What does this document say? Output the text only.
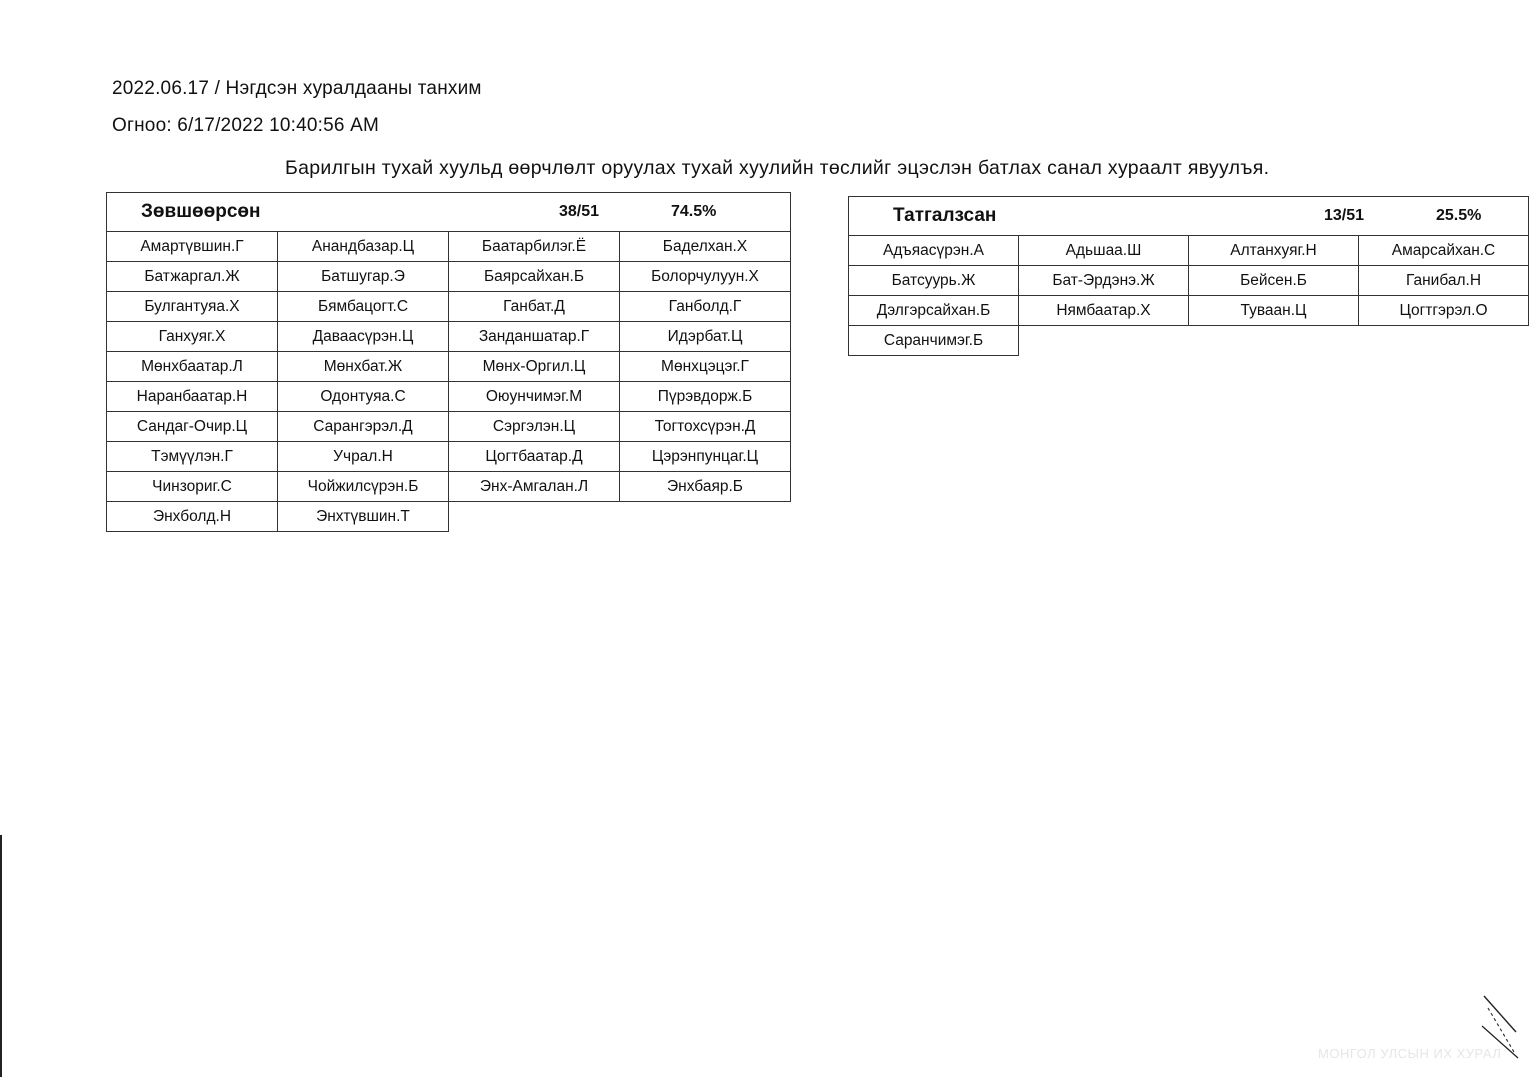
2022.06.17 / Нэгдсэн хуралдааны танхим
Огноо: 6/17/2022 10:40:56 AM
Барилгын тухай хуульд өөрчлөлт оруулах тухай хуулийн төслийг эцэслэн батлах санал хураалт явуулъя.
Зөвшөөрсөн 38/51 74.5%			

Амартүвшин.Г	Анандбазар.Ц	Баатарбилэг.Ё	Баделхан.Х
Батжаргал.Ж	Батшугар.Э	Баярсайхан.Б	Болорчулуун.Х
Булгантуяа.Х	Бямбацогт.С	Ганбат.Д	Ганболд.Г
Ганхуяг.Х	Даваасүрэн.Ц	Занданшатар.Г	Идэрбат.Ц
Мөнхбаатар.Л	Мөнхбат.Ж	Мөнх-Оргил.Ц	Мөнхцэцэг.Г
Наранбаатар.Н	Одонтуяа.С	Оюунчимэг.М	Пүрэвдорж.Б
Сандаг-Очир.Ц	Сарангэрэл.Д	Сэргэлэн.Ц	Тогтохсүрэн.Д
Тэмүүлэн.Г	Учрал.Н	Цогтбаатар.Д	Цэрэнпунцаг.Ц
Чинзориг.С	Чойжилсүрэн.Б	Энх-Амгалан.Л	Энхбаяр.Б
Энхболд.Н	Энхтүвшин.Т		
Татгалзсан 13/51 25.5%			

Адъяасүрэн.А	Адьшаа.Ш	Алтанхуяг.Н	Амарсайхан.С
Батсуурь.Ж	Бат-Эрдэнэ.Ж	Бейсен.Б	Ганибал.Н
Дэлгэрсайхан.Б	Нямбаатар.Х	Туваан.Ц	Цогтгэрэл.О
Саранчимэг.Б			
МОНГОЛ УЛСЫН ИХ ХУРАЛ
